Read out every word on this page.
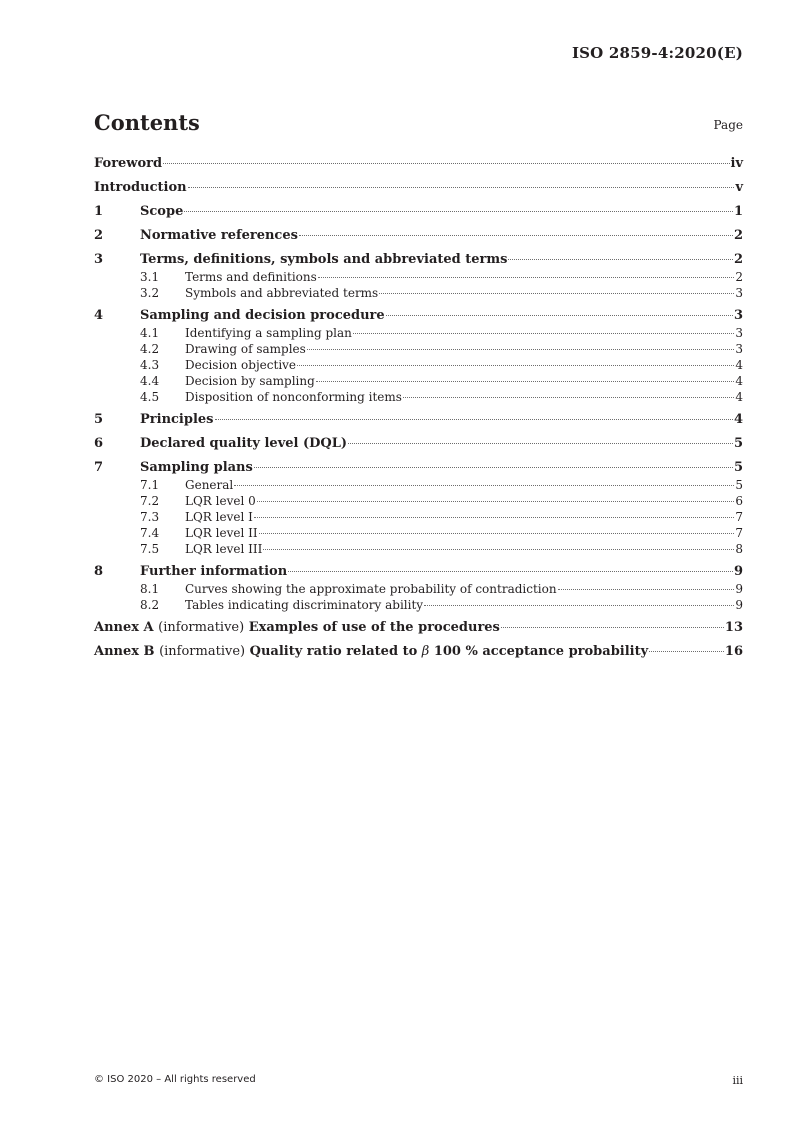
ISO 2859-4:2020(E)
Contents	Page
Foreword	iv
Introduction	v
1	Scope	1
2	Normative references	2
3	Terms, definitions, symbols and abbreviated terms	2
3.1	Terms and definitions	2
3.2	Symbols and abbreviated terms	3
4	Sampling and decision procedure	3
4.1	Identifying a sampling plan	3
4.2	Drawing of samples	3
4.3	Decision objective	4
4.4	Decision by sampling	4
4.5	Disposition of nonconforming items	4
5	Principles	4
6	Declared quality level (DQL)	5
7	Sampling plans	5
7.1	General	5
7.2	LQR level 0	6
7.3	LQR level I	7
7.4	LQR level II	7
7.5	LQR level III	8
8	Further information	9
8.1	Curves showing the approximate probability of contradiction	9
8.2	Tables indicating discriminatory ability	9
Annex A (informative) Examples of use of the procedures	13
Annex B (informative) Quality ratio related to β 100 % acceptance probability	16
© ISO 2020 – All rights reserved	iii
